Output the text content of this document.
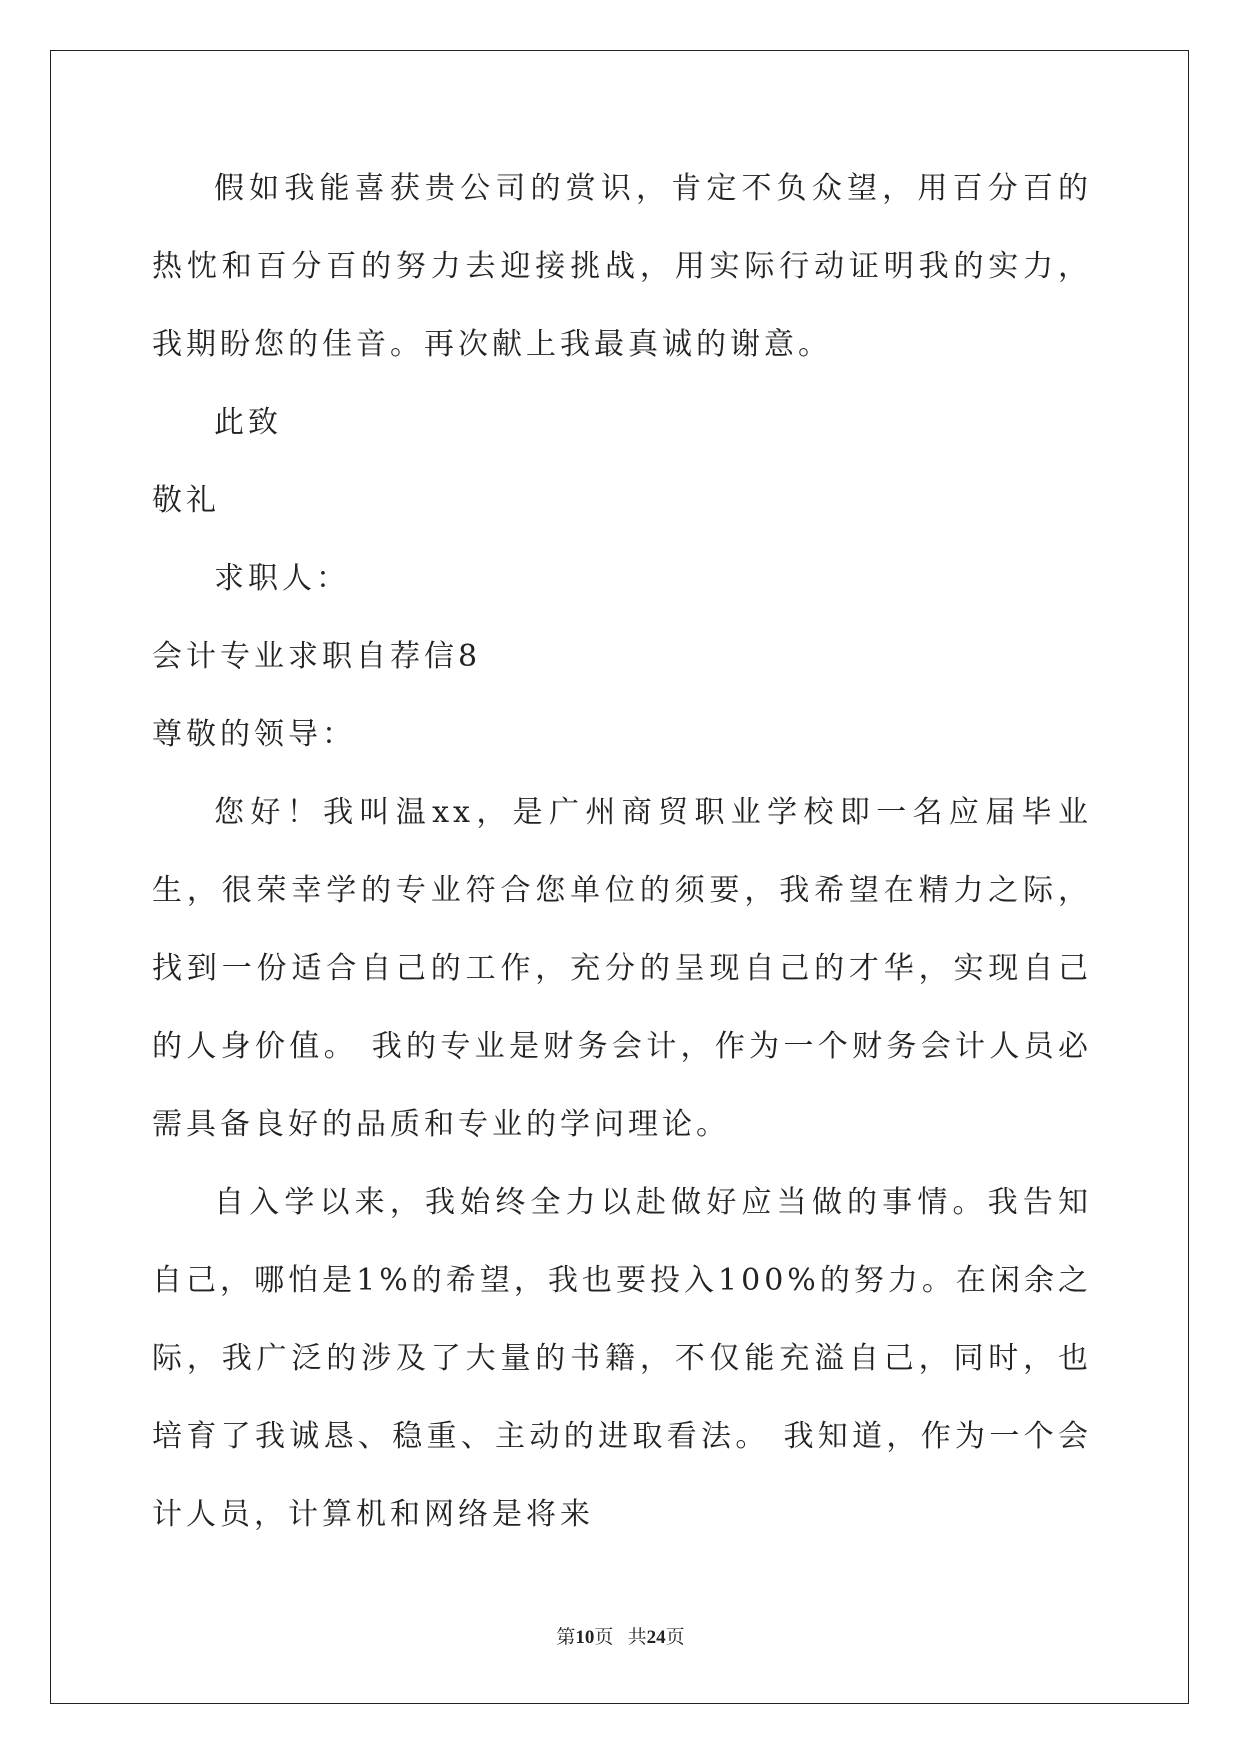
假如我能喜获贵公司的赏识，肯定不负众望，用百分百的热忱和百分百的努力去迎接挑战，用实际行动证明我的实力，我期盼您的佳音。再次献上我最真诚的谢意。

此致

敬礼

求职人：

会计专业求职自荐信8

尊敬的领导：

您好！我叫温xx，是广州商贸职业学校即一名应届毕业生，很荣幸学的专业符合您单位的须要，我希望在精力之际，找到一份适合自己的工作，充分的呈现自己的才华，实现自己的人身价值。 我的专业是财务会计，作为一个财务会计人员必需具备良好的品质和专业的学问理论。

自入学以来，我始终全力以赴做好应当做的事情。我告知自己，哪怕是1%的希望，我也要投入100%的努力。在闲余之际，我广泛的涉及了大量的书籍，不仅能充溢自己，同时，也培育了我诚恳、稳重、主动的进取看法。 我知道，作为一个会计人员，计算机和网络是将来

第10页 共24页
